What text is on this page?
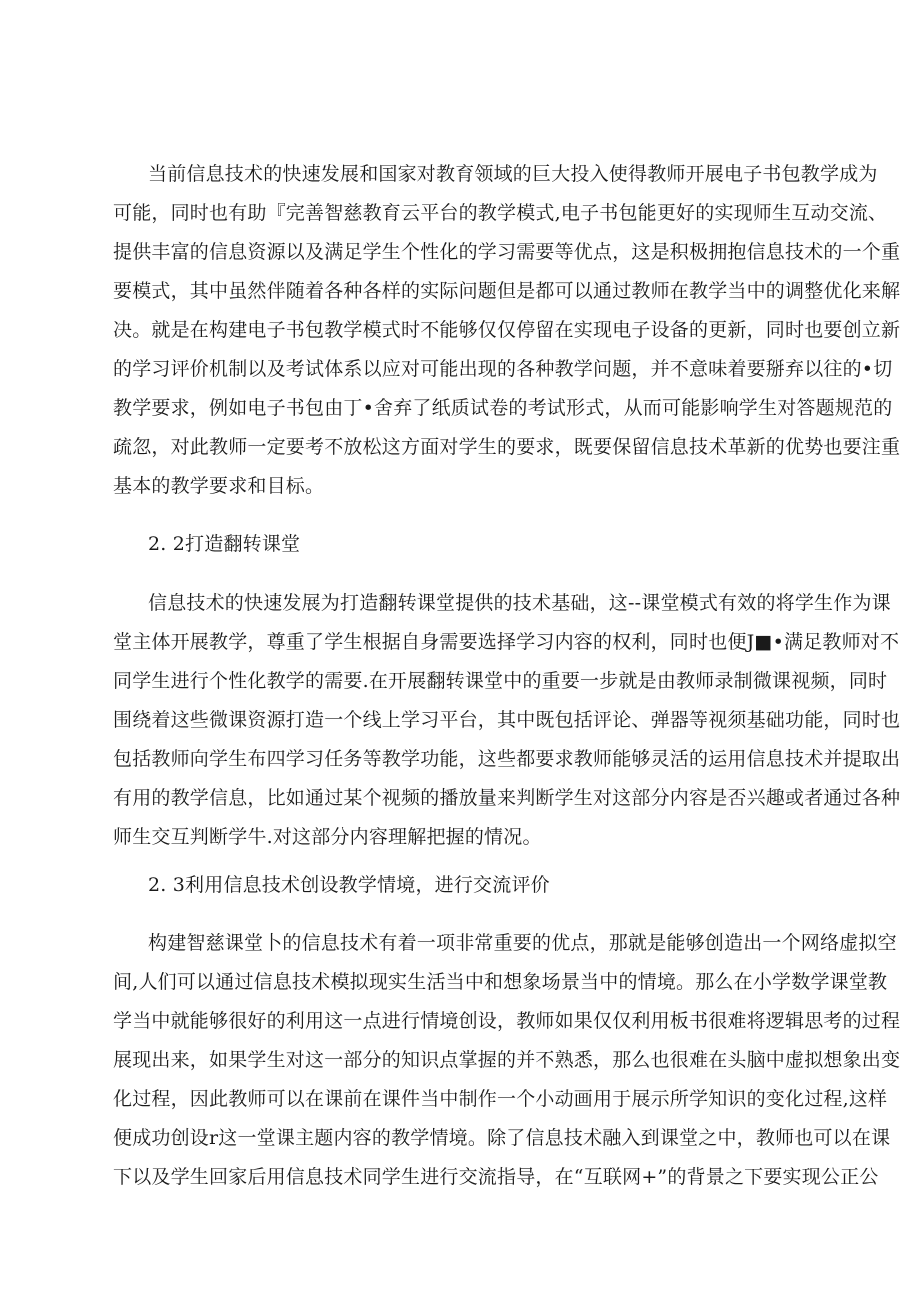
当前信息技术的快速发展和国家对教育领域的巨大投入使得教师开展电子书包教学成为

可能，同时也有助『完善智慈教育云平台的教学模式,电子书包能更好的实现师生互动交流、

提供丰富的信息资源以及满足学生个性化的学习需要等优点，这是积极拥抱信息技术的一个重

要模式，其中虽然伴随着各种各样的实际问题但是都可以通过教师在教学当中的调整优化来解

决。就是在构建电子书包教学模式时不能够仅仅停留在实现电子设备的更新，同时也要创立新

的学习评价机制以及考试体系以应对可能出现的各种教学问题，并不意味着要掰弃以往的•切

教学要求，例如电子书包由丁•舍弃了纸质试卷的考试形式，从而可能影响学生对答题规范的

疏忽，对此教师一定要考不放松这方面对学生的要求，既要保留信息技术革新的优势也要注重

基本的教学要求和目标。

2. 2打造翻转课堂

信息技术的快速发展为打造翻转课堂提供的技术基础，这--课堂模式有效的将学生作为课

堂主体开展教学，尊重了学生根据自身需要选择学习内容的权利，同时也便J■•满足教师对不

同学生进行个性化教学的需要.在开展翻转课堂中的重要一步就是由教师录制微课视频，同时

围绕着这些微课资源打造一个线上学习平台，其中既包括评论、弹器等视须基础功能，同时也

包括教师向学生布四学习任务等教学功能，这些都要求教师能够灵活的运用信息技术并提取出

有用的教学信息，比如通过某个视频的播放量来判断学生对这部分内容是否兴趣或者通过各种

师生交互判断学牛.对这部分内容理解把握的情况。

2. 3利用信息技术创设教学情境，进行交流评价

构建智慈课堂卜的信息技术有着一项非常重要的优点，那就是能够创造出一个网络虚拟空

间,人们可以通过信息技术模拟现实生活当中和想象场景当中的情境。那么在小学数学课堂教

学当中就能够很好的利用这一点进行情境创设，教师如果仅仅利用板书很难将逻辑思考的过程

展现出来，如果学生对这一部分的知识点掌握的并不熟悉，那么也很难在头脑中虚拟想象出变

化过程，因此教师可以在课前在课件当中制作一个小动画用于展示所学知识的变化过程,这样

便成功创设r这一堂课主题内容的教学情境。除了信息技术融入到课堂之中，教师也可以在课

下以及学生回家后用信息技术同学生进行交流指导，在“互联网+”的背景之下要实现公正公
